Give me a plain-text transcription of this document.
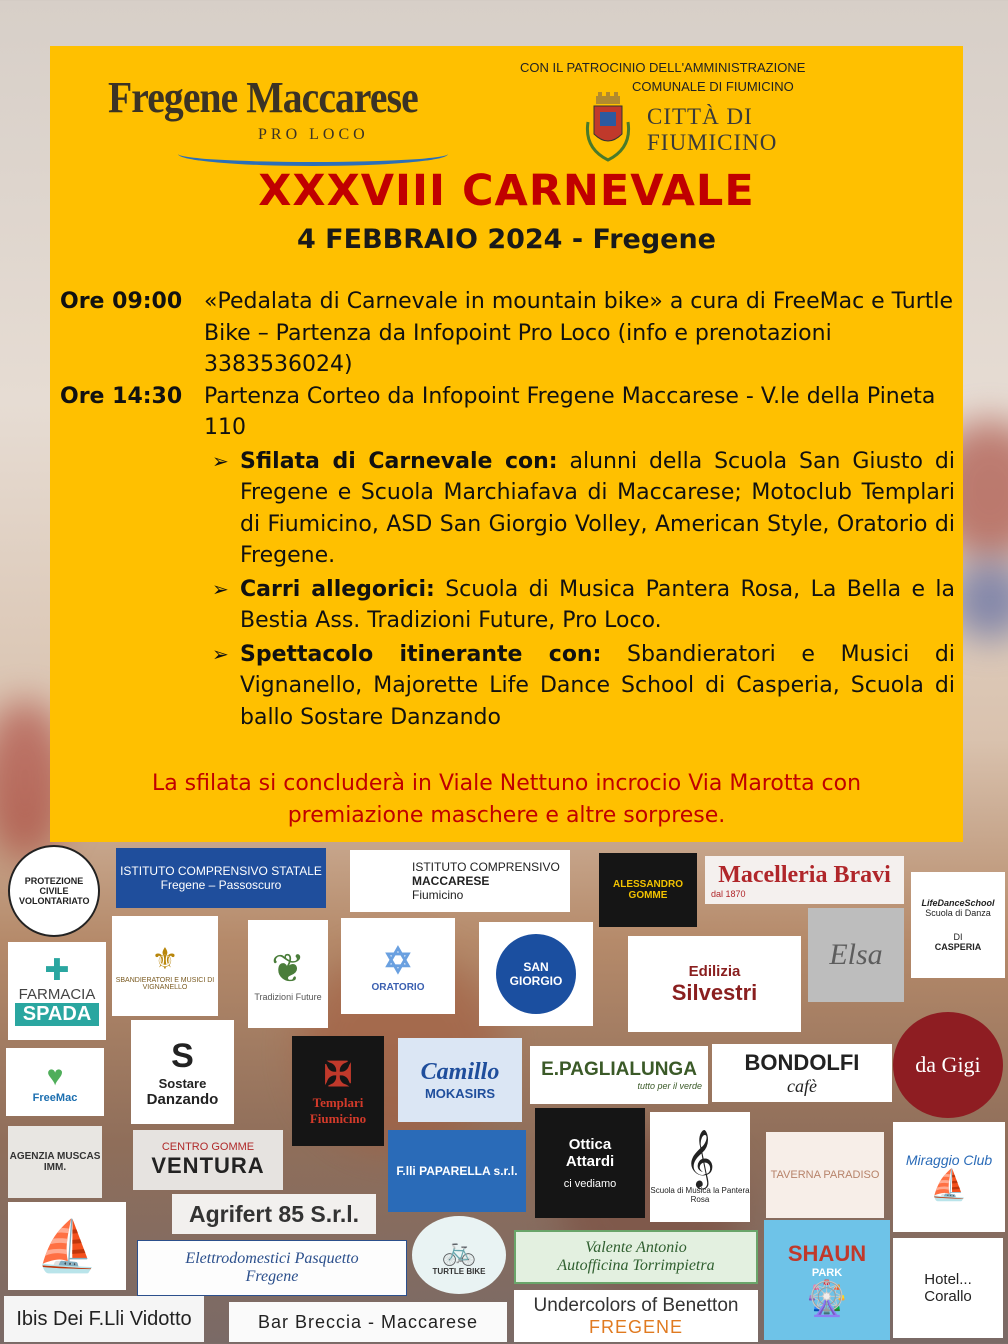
Fregene Maccarese
PRO LOCO
CON IL PATROCINIO DELL'AMMINISTRAZIONE
COMUNALE DI FIUMICINO
CITTÀ DI
FIUMICINO
XXXVIII CARNEVALE
4 FEBBRAIO 2024 - Fregene
Ore 09:00 «Pedalata di Carnevale in mountain bike» a cura di FreeMac e Turtle Bike – Partenza da Infopoint Pro Loco (info e prenotazioni 3383536024)
Ore 14:30 Partenza Corteo da Infopoint Fregene Maccarese - V.le della Pineta 110
➢ Sfilata di Carnevale con: alunni della Scuola San Giusto di Fregene e Scuola Marchiafava di Maccarese; Motoclub Templari di Fiumicino, ASD San Giorgio Volley, American Style, Oratorio di Fregene.
➢ Carri allegorici: Scuola di Musica Pantera Rosa, La Bella e la Bestia Ass. Tradizioni Future, Pro Loco.
➢ Spettacolo itinerante con: Sbandieratori e Musici di Vignanello, Majorette Life Dance School di Casperia, Scuola di ballo Sostare Danzando
La sfilata si concluderà in Viale Nettuno incrocio Via Marotta con
premiazione maschere e altre sorprese.
PROTEZIONE CIVILE VOLONTARIATO
ISTITUTO COMPRENSIVO STATALE
Fregene – Passoscuro
ISTITUTO COMPRENSIVO
MACCARESE
Fiumicino
ALESSANDRO GOMME
Macelleria Bravi
dal 1870
LifeDanceSchool
Scuola di Danza
DI
CASPERIA
✚
FARMACIA
SPADA
⚜
SBANDIERATORI E MUSICI DI VIGNANELLO	❦
Tradizioni Future
✡
ORATORIO
SAN GIORGIO
Edilizia
Silvestri
Elsa
♥
FreeMac
S
Sostare
Danzando
✠
Templari
Fiumicino
Camillo
MOKASIRS
E.PAGLIALUNGA
tutto per il verde
BONDOLFI
cafè
da Gigi
AGENZIA MUSCAS IMM.
CENTRO GOMME
VENTURA	F.lli PAPARELLA s.r.l.
Ottica
Attardi
ci vediamo 𝄞
Scuola di Musica la Pantera Rosa
TAVERNA PARADISO
Miraggio Club
⛵
Agrifert 85 S.r.l.
⛵	Elettrodomestici Pasquetto
Fregene
🚲
TURTLE BIKE
Valente Antonio
Autofficina Torrimpietra	SHAUN
PARK
🎡
Hotel...
Corallo
Ibis Dei F.Lli Vidotto	Bar Breccia - Maccarese
Undercolors of Benetton
FREGENE
